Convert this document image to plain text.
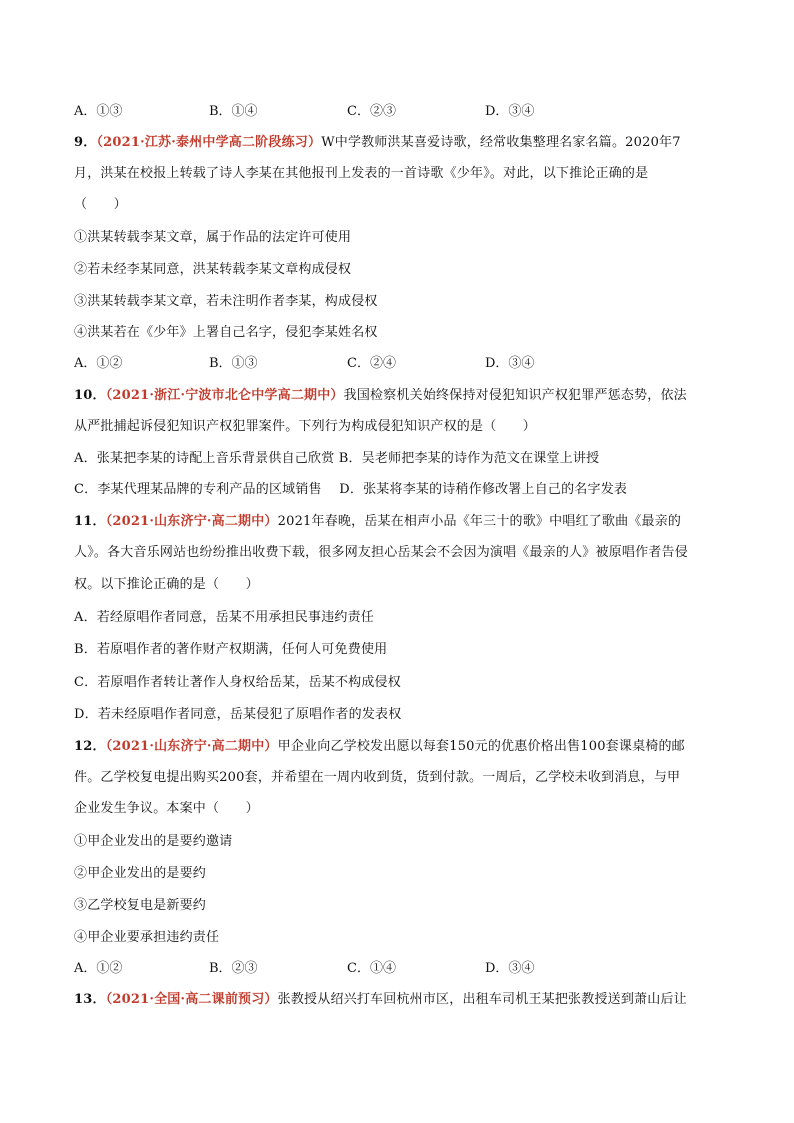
A．①③	B．①④	C．②③	D．③④
9．（2021·江苏·泰州中学高二阶段练习）W中学教师洪某喜爱诗歌，经常收集整理名家名篇。2020年7
月，洪某在校报上转载了诗人李某在其他报刊上发表的一首诗歌《少年》。对此，以下推论正确的是
（　　）
①洪某转载李某文章，属于作品的法定许可使用
②若未经李某同意，洪某转载李某文章构成侵权
③洪某转载李某文章，若未注明作者李某，构成侵权
④洪某若在《少年》上署自己名字，侵犯李某姓名权
A．①②	B．①③	C．②④	D．③④
10．（2021·浙江·宁波市北仑中学高二期中）我国检察机关始终保持对侵犯知识产权犯罪严惩态势，依法
从严批捕起诉侵犯知识产权犯罪案件。下列行为构成侵犯知识产权的是（　　）
A．张某把李某的诗配上音乐背景供自己欣赏 B．吴老师把李某的诗作为范文在课堂上讲授
C．李某代理某品牌的专利产品的区域销售　 D．张某将李某的诗稍作修改署上自己的名字发表
11．（2021·山东济宁·高二期中）2021年春晚，岳某在相声小品《年三十的歌》中唱红了歌曲《最亲的
人》。各大音乐网站也纷纷推出收费下载，很多网友担心岳某会不会因为演唱《最亲的人》被原唱作者告侵
权。以下推论正确的是（　　）
A．若经原唱作者同意，岳某不用承担民事违约责任
B．若原唱作者的著作财产权期满，任何人可免费使用
C．若原唱作者转让著作人身权给岳某，岳某不构成侵权
D．若未经原唱作者同意，岳某侵犯了原唱作者的发表权
12．（2021·山东济宁·高二期中）甲企业向乙学校发出愿以每套150元的优惠价格出售100套课桌椅的邮
件。乙学校复电提出购买200套，并希望在一周内收到货，货到付款。一周后，乙学校未收到消息，与甲
企业发生争议。本案中（　　）
①甲企业发出的是要约邀请
②甲企业发出的是要约
③乙学校复电是新要约
④甲企业要承担违约责任
A．①②	B．②③	C．①④	D．③④
13．（2021·全国·高二课前预习）张教授从绍兴打车回杭州市区，出租车司机王某把张教授送到萧山后让
